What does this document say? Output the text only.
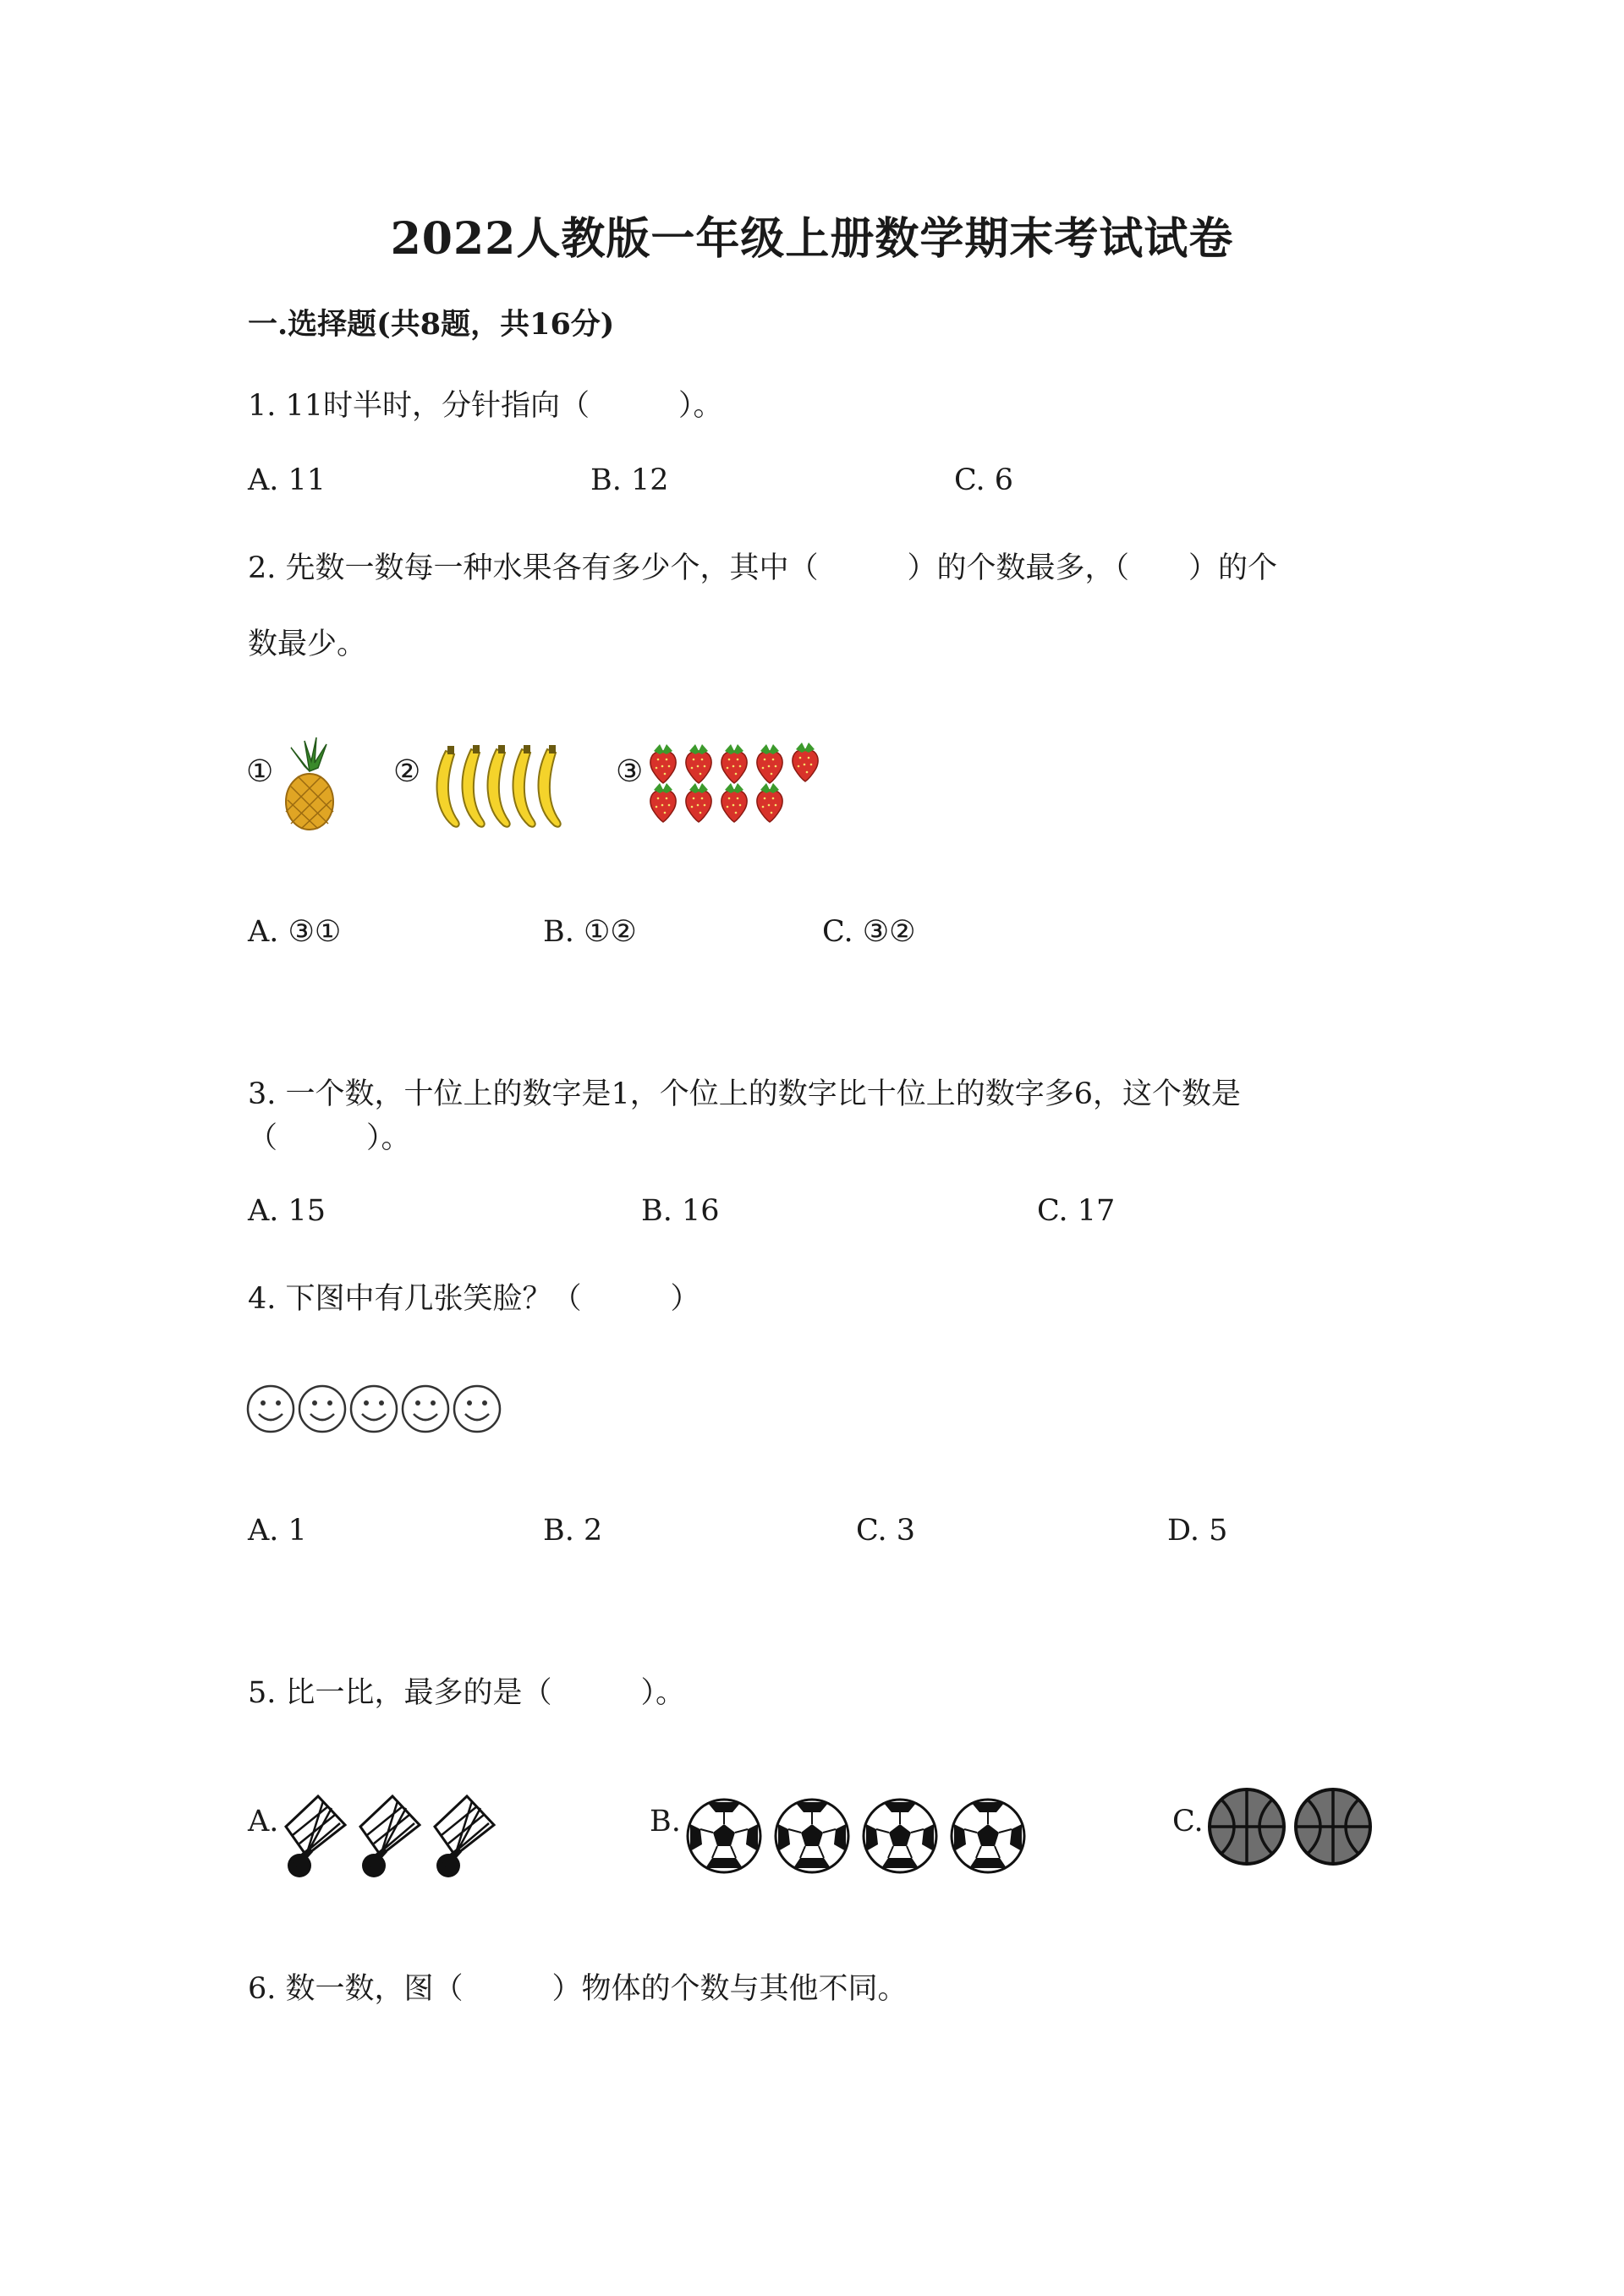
2022人教版一年级上册数学期末考试试卷
一.选择题(共8题，共16分)
1. 11时半时，分针指向（　　　）。
A. 11	B. 12	C. 6
2. 先数一数每一种水果各有多少个，其中（　　　）的个数最多，（　　）的个
数最少。
①	②	③
A. ③①	B. ①②	C. ③②
3. 一个数，十位上的数字是1，个位上的数字比十位上的数字多6，这个数是
（　　　）。
A. 15	B. 16	C. 17
4. 下图中有几张笑脸？（　　　）
A. 1	B. 2	C. 3	D. 5
5. 比一比，最多的是（　　　）。
A.	B.	C.
6. 数一数，图（　　　）物体的个数与其他不同。
